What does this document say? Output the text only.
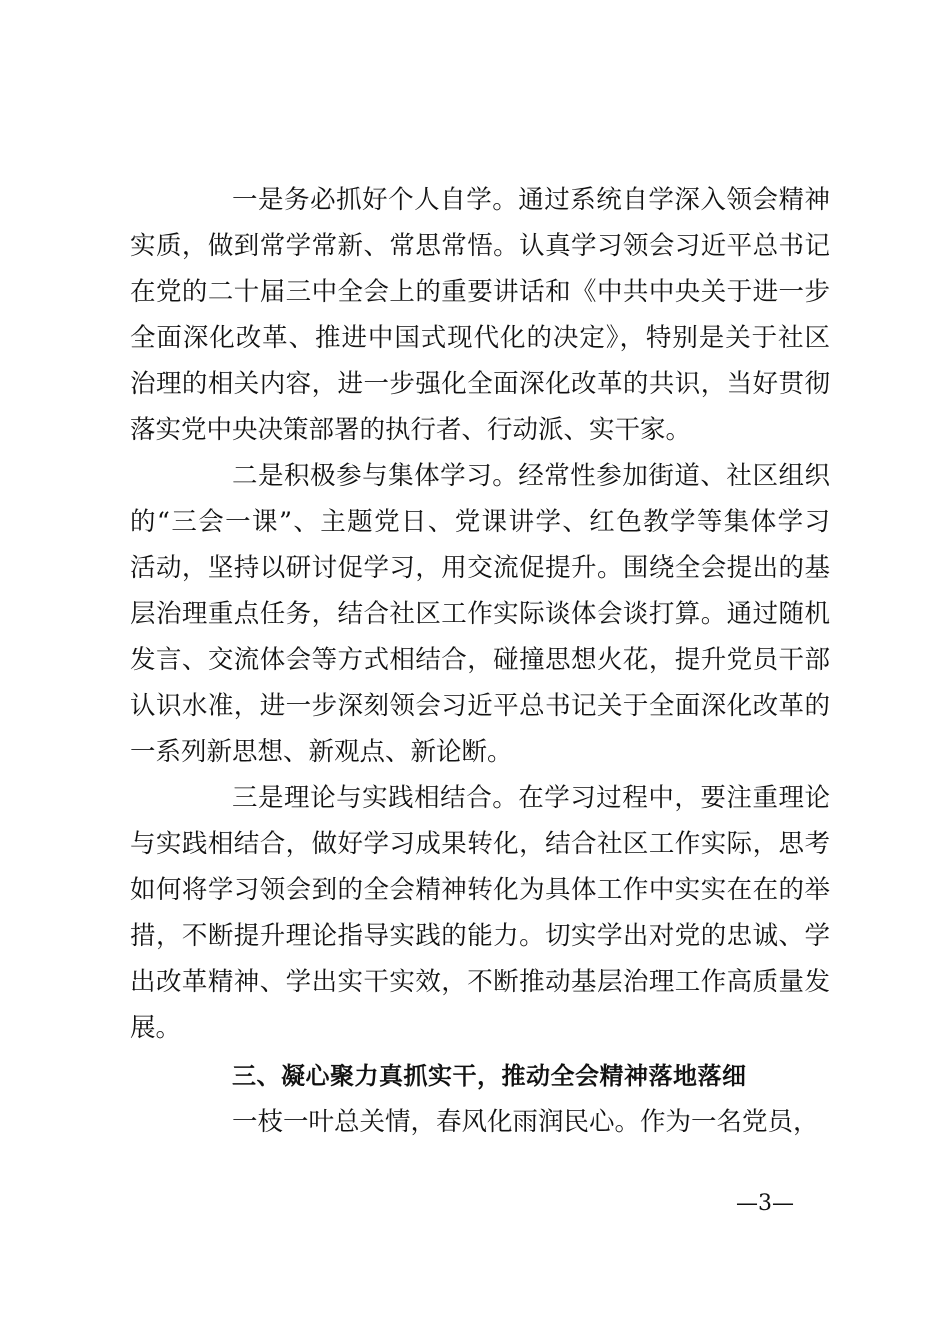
一是务必抓好个人自学。通过系统自学深入领会精神
实质，做到常学常新、常思常悟。认真学习领会习近平总书记
在党的二十届三中全会上的重要讲话和《中共中央关于进一步
全面深化改革、推进中国式现代化的决定》，特别是关于社区
治理的相关内容，进一步强化全面深化改革的共识，当好贯彻
落实党中央决策部署的执行者、行动派、实干家。
二是积极参与集体学习。经常性参加街道、社区组织
的“三会一课”、主题党日、党课讲学、红色教学等集体学习
活动，坚持以研讨促学习，用交流促提升。围绕全会提出的基
层治理重点任务，结合社区工作实际谈体会谈打算。通过随机
发言、交流体会等方式相结合，碰撞思想火花，提升党员干部
认识水准，进一步深刻领会习近平总书记关于全面深化改革的
一系列新思想、新观点、新论断。
三是理论与实践相结合。在学习过程中，要注重理论
与实践相结合，做好学习成果转化，结合社区工作实际，思考
如何将学习领会到的全会精神转化为具体工作中实实在在的举
措，不断提升理论指导实践的能力。切实学出对党的忠诚、学
出改革精神、学出实干实效，不断推动基层治理工作高质量发
展。
三、凝心聚力真抓实干，推动全会精神落地落细
一枝一叶总关情，春风化雨润民心。作为一名党员，
—3—
